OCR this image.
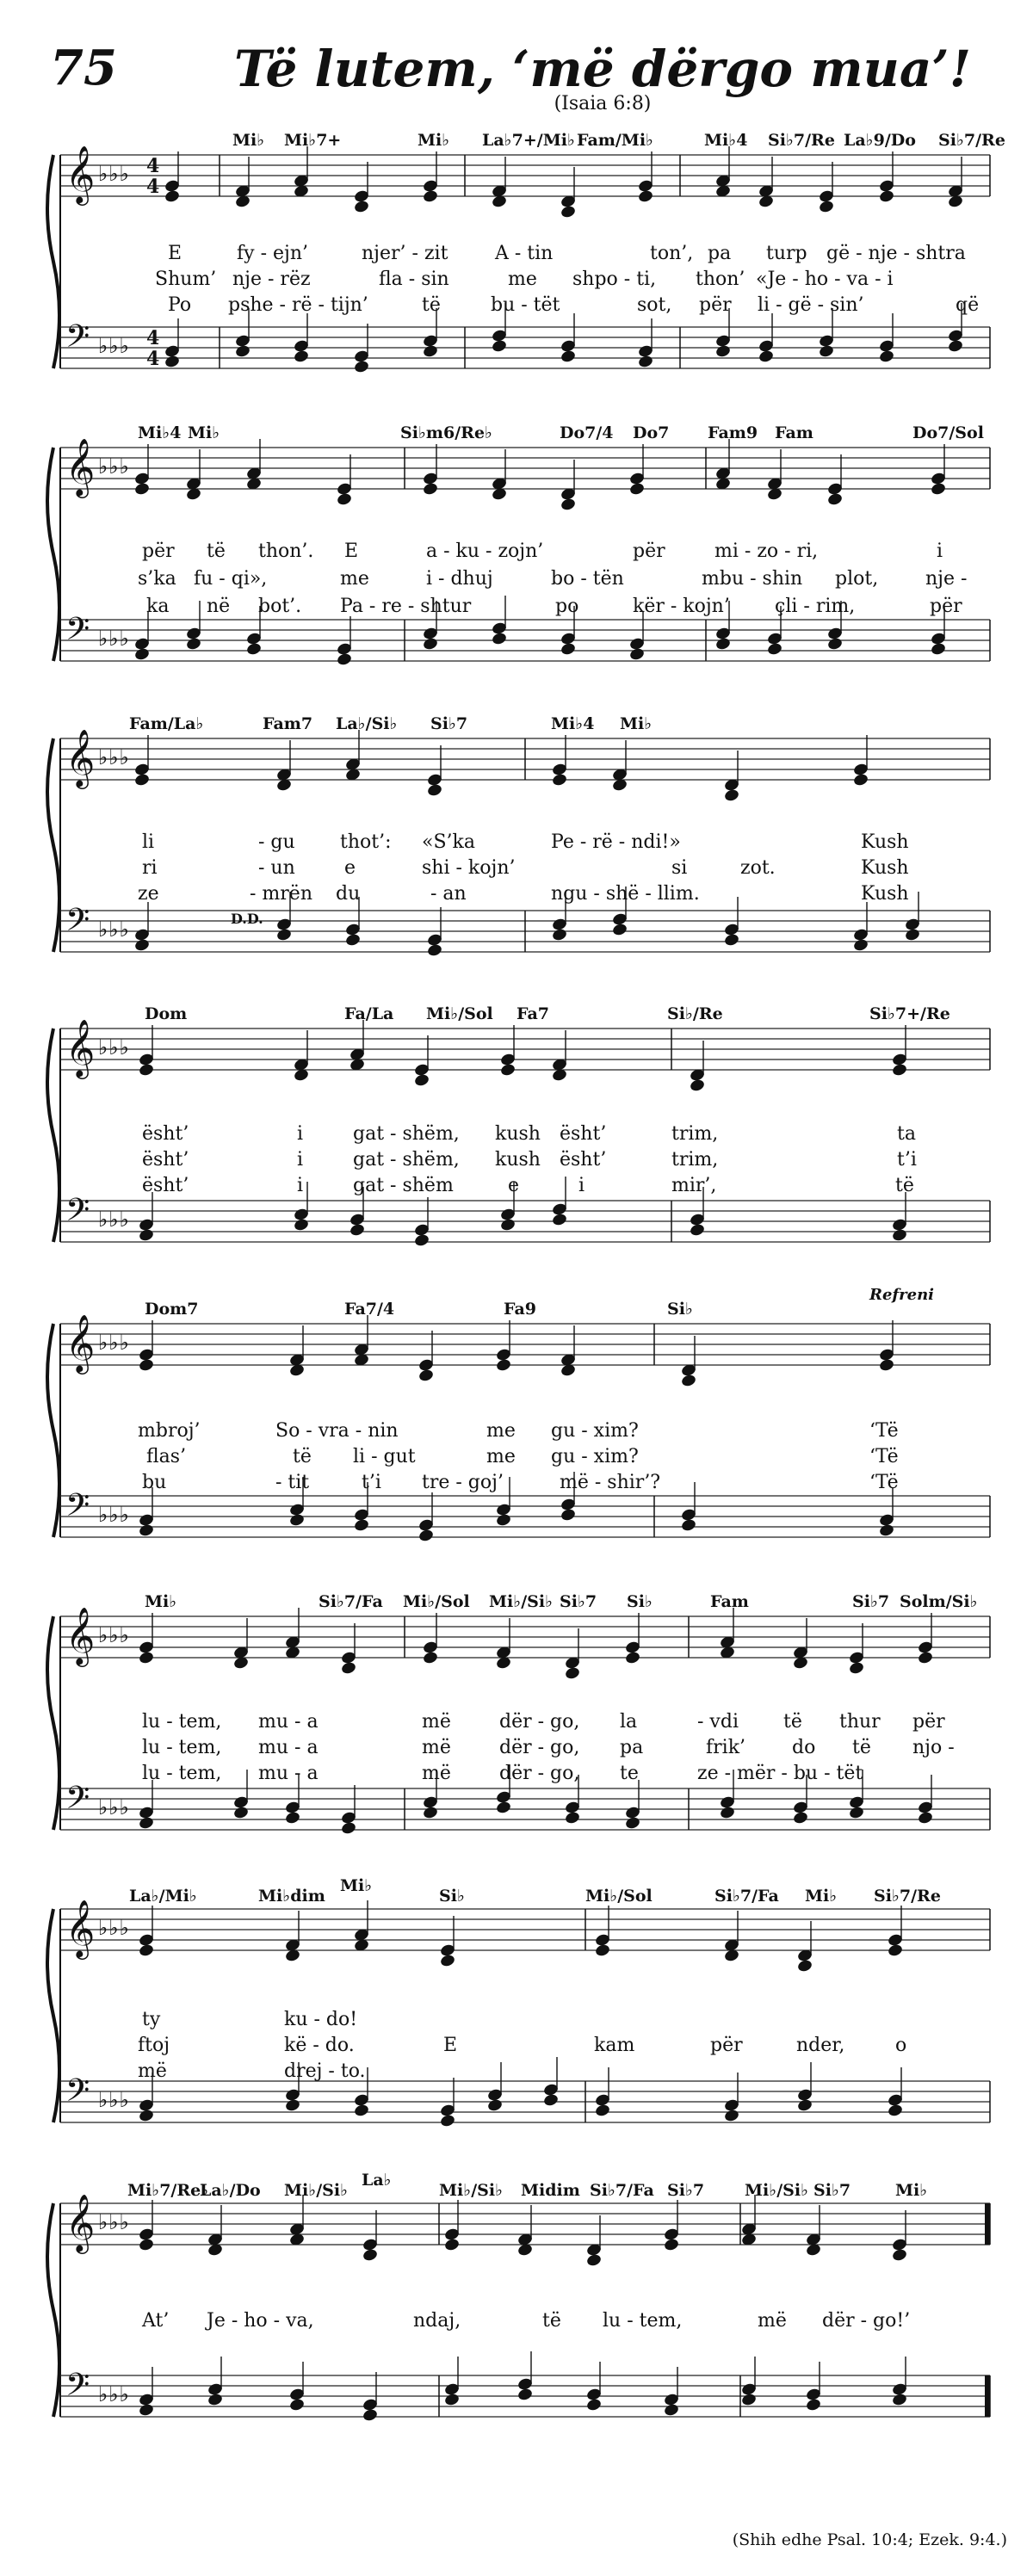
75	Të lutem, ‘më dërgo mua’!
(Isaia 6:8)
𝄞 ♭♭♭ 4
4
𝄢 ♭♭♭ 4
4
Mi♭ Mi♭7+	Mi♭ La♭7+/Mi♭ Fam/Mi♭	Mi♭4 Si♭7/Re La♭9/Do Si♭7/Re
E	fy - ejn’	njer’ - zit A - tin	ton’, pa turp gë - nje - shtra
Shum’ nje - rëz	fla - sin	me shpo - ti, thon’ «Je - ho - va - i
Po pshe - rë - tijn’	të	bu - tët	sot, për li - gë - sin’	që
𝄞 ♭♭♭
𝄢 ♭♭♭
Mi♭4 Mi♭	Si♭m6/Re♭	Do7/4 Do7 Fam9 Fam	Do7/Sol
për të thon’. E	a - ku - zojn’	për	mi - zo - ri,	i
s’ka fu - qi»,	me	i - dhuj	bo - tën	mbu - shin plot, nje -
ka në bot’. Pa - re - shtur	po	kër - kojn’ çli - rim,	për
𝄞 ♭♭♭
𝄢 ♭♭♭
Fam/La♭	Fam7 La♭/Si♭ Si♭7	Mi♭4 Mi♭
li	- gu thot’: «S’ka	Pe - rë - ndi!»	Kush
ri	- un	e	shi - kojn’	si	zot.	Kush
ze	- mrën du	- an	ngu - shë - llim.	Kush
D.D.
𝄞 ♭♭♭
𝄢 ♭♭♭
Dom	Fa/La Mi♭/Sol Fa7	Si♭/Re	Si♭7+/Re
ësht’	i	gat - shëm, kush ësht’	trim,	ta
ësht’	i	gat - shëm, kush ësht’	trim,	t’i
ësht’	i	gat - shëm	e	i	mir’,	të
𝄞 ♭♭♭
𝄢 ♭♭♭
Dom7	Fa7/4	Fa9	Si♭
Refreni
mbroj’	So - vra - nin	me gu - xim?	‘Të
flas’	të li - gut	me gu - xim?	‘Të
bu	- tit	t’i tre - goj’	më - shir’?	‘Të
𝄞 ♭♭♭
𝄢 ♭♭♭
Mi♭	Si♭7/Fa Mi♭/Sol Mi♭/Si♭ Si♭7 Si♭	Fam	Si♭7 Solm/Si♭
lu - tem, mu - a	më	dër - go, la	- vdi të thur për
lu - tem, mu - a	më	dër - go, pa	frik’ do të njo -
lu - tem, mu - a	më	dër - go, te	ze - mër - bu - tët
𝄞 ♭♭♭
𝄢 ♭♭♭
La♭/Mi♭	Mi♭dim
Mi♭
Si♭	Mi♭/Sol	Si♭7/Fa Mi♭ Si♭7/Re
ty	ku - do!
ftoj	kë - do.	E	kam	për	nder,	o
më	drej - to.
𝄞 ♭♭♭
𝄢 ♭♭♭
Mi♭7/Re♭
La♭/Do Mi♭/Si♭
La♭
Mi♭/Si♭ Midim Si♭7/Fa Si♭7 Mi♭/Si♭ Si♭7	Mi♭
At’ Je - ho - va,	ndaj,	të lu - tem,	më dër - go!’
(Shih edhe Psal. 10:4; Ezek. 9:4.)
